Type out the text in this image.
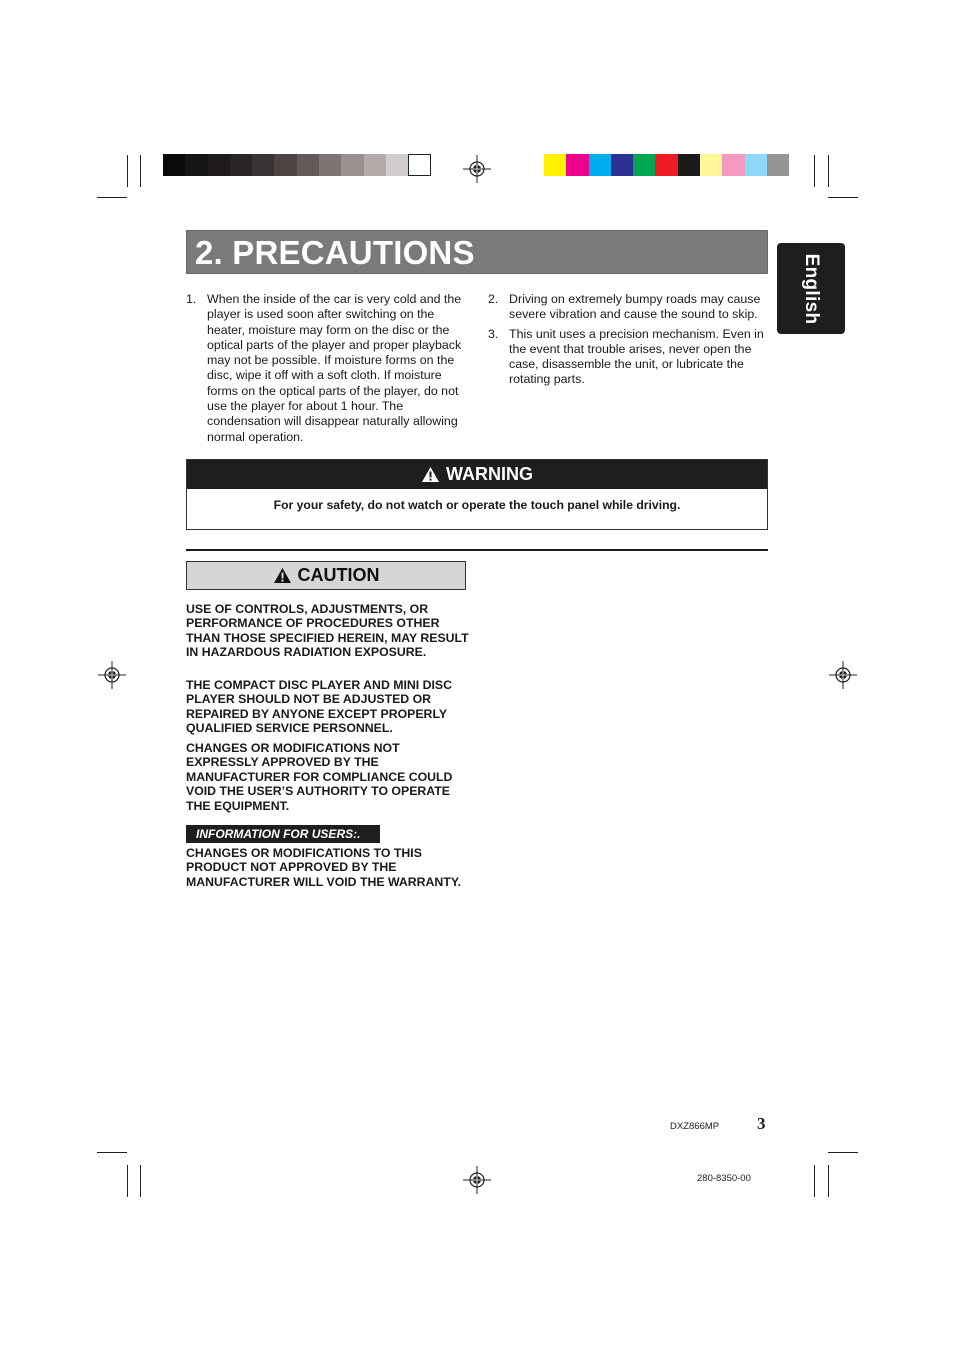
2. PRECAUTIONS
English
1. When the inside of the car is very cold and the player is used soon after switching on the heater, moisture may form on the disc or the optical parts of the player and proper playback may not be possible. If moisture forms on the disc, wipe it off with a soft cloth. If moisture forms on the optical parts of the player, do not use the player for about 1 hour. The condensation will disappear naturally allowing normal operation.
2. Driving on extremely bumpy roads may cause severe vibration and cause the sound to skip.
3. This unit uses a precision mechanism. Even in the event that trouble arises, never open the case, disassemble the unit, or lubricate the rotating parts.
WARNING
For your safety, do not watch or operate the touch panel while driving.
CAUTION

USE OF CONTROLS, ADJUSTMENTS, OR PERFORMANCE OF PROCEDURES OTHER THAN THOSE SPECIFIED HEREIN, MAY RESULT IN HAZARDOUS RADIATION EXPOSURE.

THE COMPACT DISC PLAYER AND MINI DISC PLAYER SHOULD NOT BE ADJUSTED OR REPAIRED BY ANYONE EXCEPT PROPERLY QUALIFIED SERVICE PERSONNEL.

CHANGES OR MODIFICATIONS NOT EXPRESSLY APPROVED BY THE MANUFACTURER FOR COMPLIANCE COULD VOID THE USER’S AUTHORITY TO OPERATE THE EQUIPMENT.

INFORMATION FOR USERS:.

CHANGES OR MODIFICATIONS TO THIS PRODUCT NOT APPROVED BY THE MANUFACTURER WILL VOID THE WARRANTY.

DXZ866MP 3
280-8350-00
